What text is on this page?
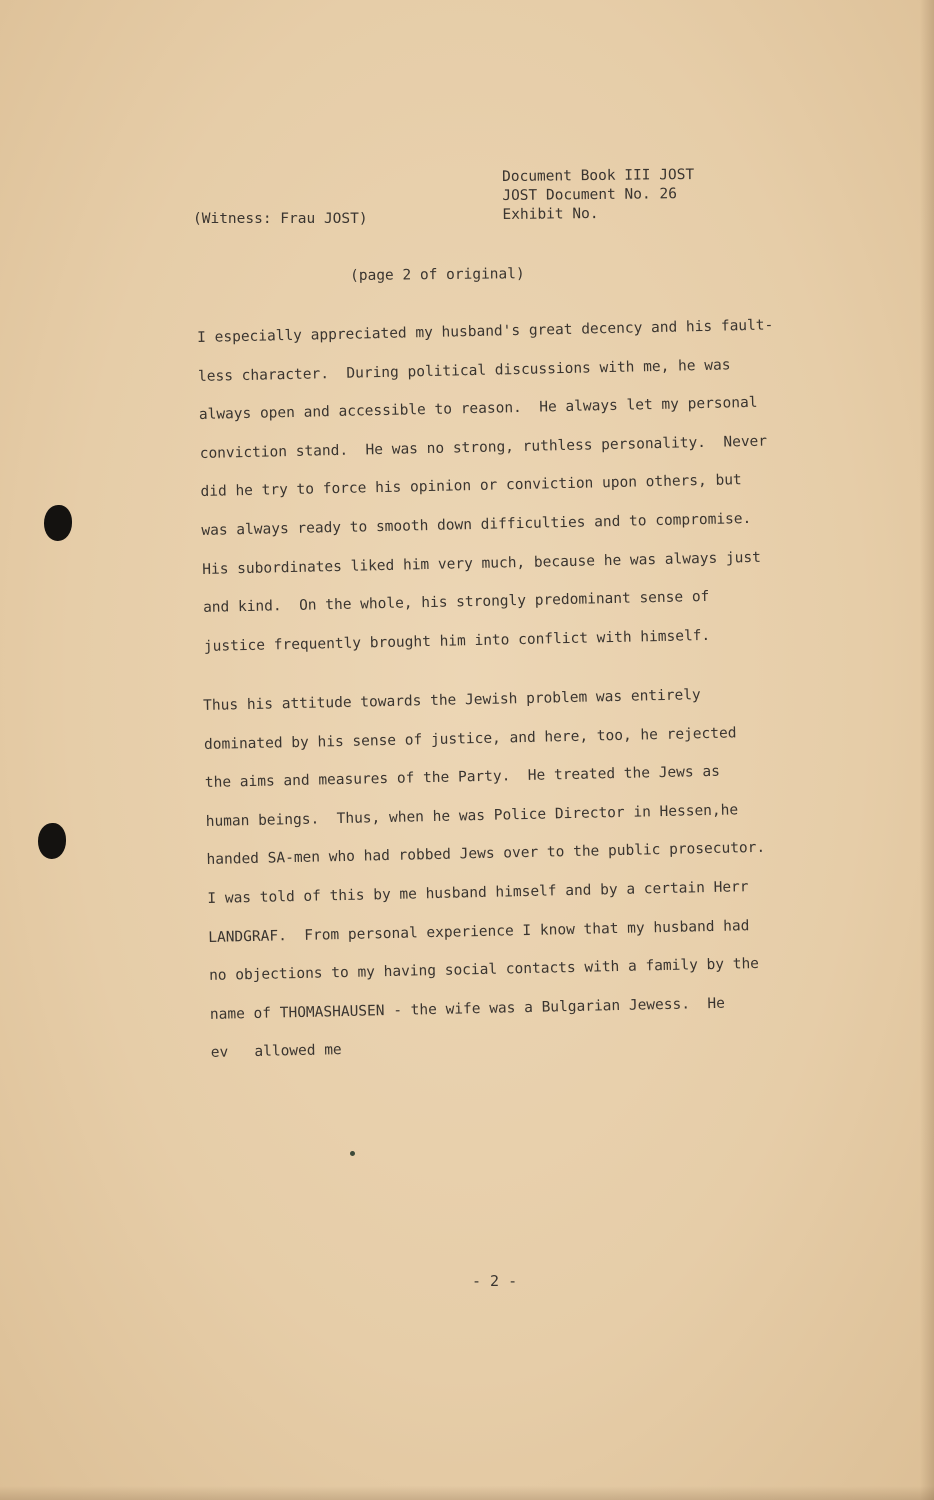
Document Book III JOST
JOST Document No. 26
Exhibit No.
(Witness: Frau JOST)
(page 2 of original)
I especially appreciated my husband's great decency and his fault-
less character.  During political discussions with me, he was
always open and accessible to reason.  He always let my personal
conviction stand.  He was no strong, ruthless personality.  Never
did he try to force his opinion or conviction upon others, but
was always ready to smooth down difficulties and to compromise.
His subordinates liked him very much, because he was always just
and kind.  On the whole, his strongly predominant sense of
justice frequently brought him into conflict with himself.
Thus his attitude towards the Jewish problem was entirely
dominated by his sense of justice, and here, too, he rejected
the aims and measures of the Party.  He treated the Jews as
human beings.  Thus, when he was Police Director in Hessen,he
handed SA-men who had robbed Jews over to the public prosecutor.
I was told of this by me husband himself and by a certain Herr
LANDGRAF.  From personal experience I know that my husband had
no objections to my having social contacts with a family by the
name of THOMASHAUSEN - the wife was a Bulgarian Jewess.  He
ev   allowed me
- 2 -
